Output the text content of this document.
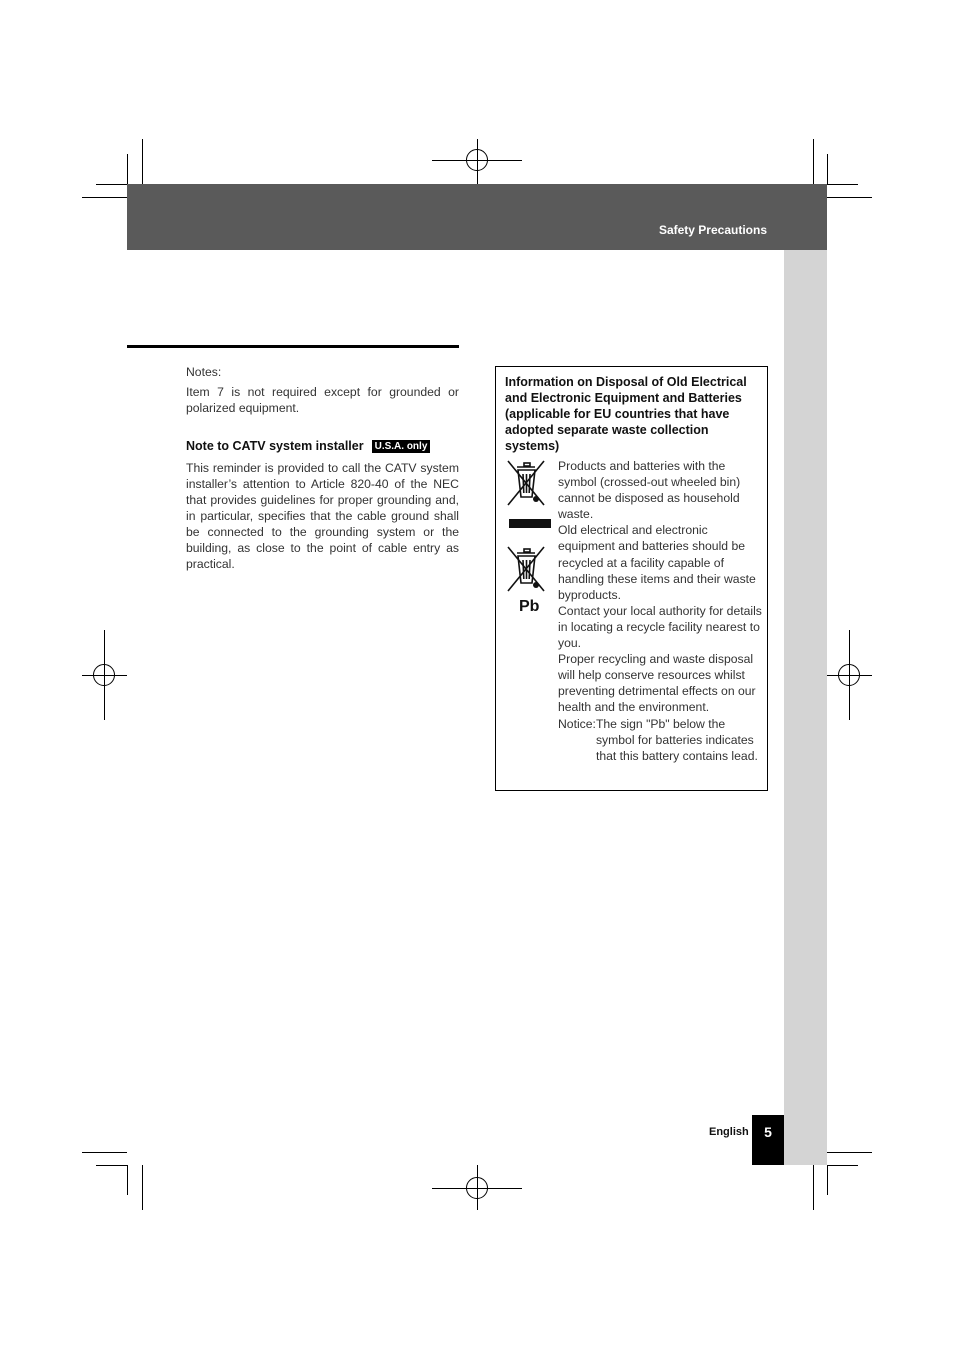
Safety Precautions

Notes:

Item 7 is not required except for grounded or polarized equipment.

Note to CATV system installer U.S.A. only

This reminder is provided to call the CATV system installer’s attention to Article 820-40 of the NEC that provides guidelines for proper grounding and, in particular, specifies that the cable ground shall be connected to the grounding system or the building, as close to the point of cable entry as practical.

Information on Disposal of Old Electrical and Electronic Equipment and Batteries (applicable for EU countries that have adopted separate waste collection systems)

Pb

Products and batteries with the symbol (crossed-out wheeled bin) cannot be disposed as household waste.

Old electrical and electronic equipment and batteries should be recycled at a facility capable of handling these items and their waste byproducts.

Contact your local authority for details in locating a recycle facility nearest to you.

Proper recycling and waste disposal will help conserve resources whilst preventing detrimental effects on our health and the environment.

Notice: The sign "Pb" below the symbol for batteries indicates that this battery contains lead.
English	5
